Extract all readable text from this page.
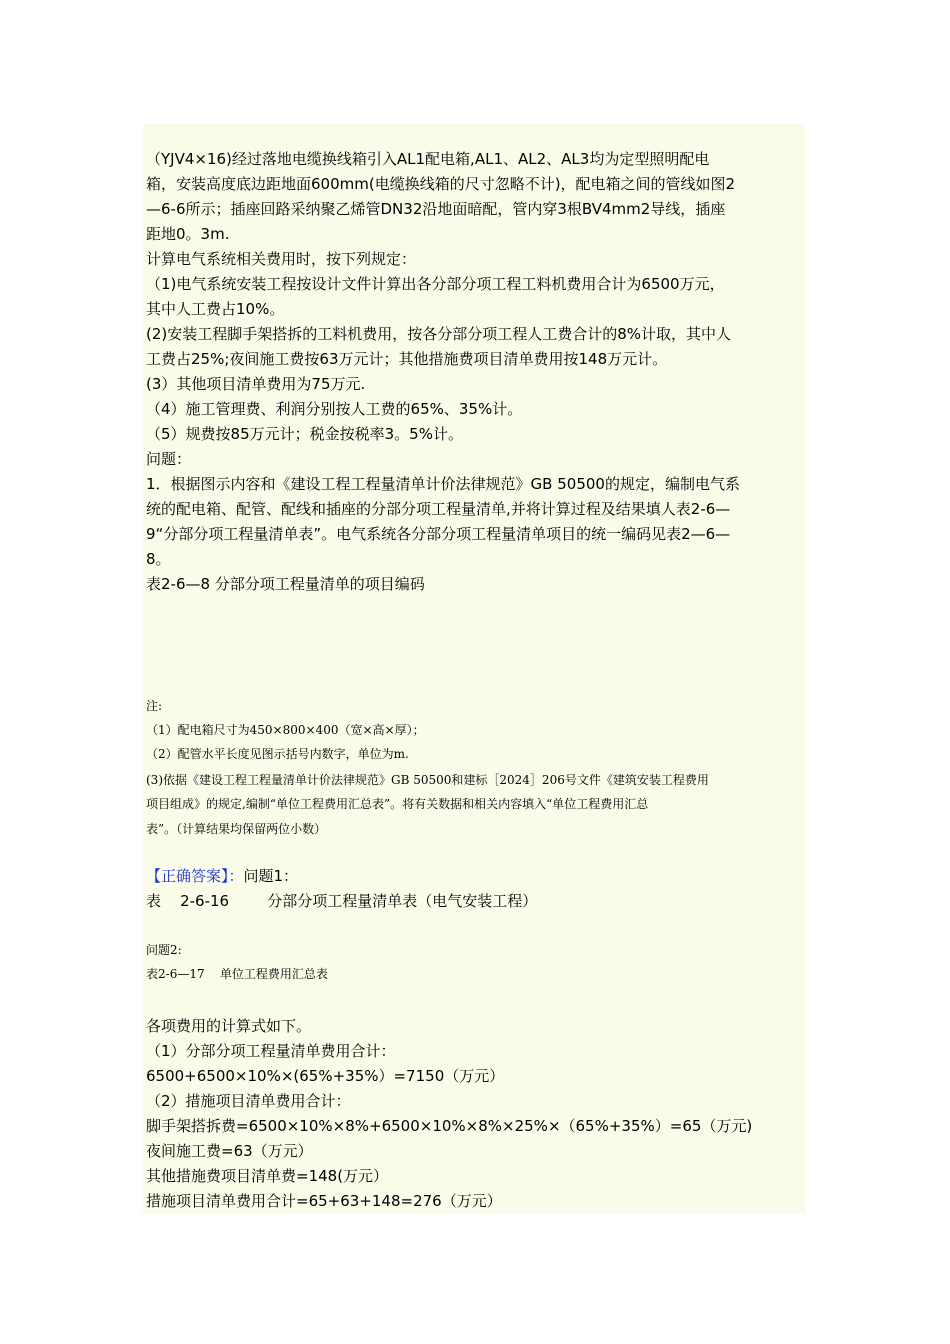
（YJV4×16)经过落地电缆换线箱引入AL1配电箱,AL1、AL2、AL3均为定型照明配电
箱，安装高度底边距地面600mm(电缆换线箱的尺寸忽略不计)，配电箱之间的管线如图2
—6-6所示；插座回路采纳聚乙烯管DN32沿地面暗配，管内穿3根BV4mm2导线，插座
距地0。3m.
计算电气系统相关费用时，按下列规定：
（1)电气系统安装工程按设计文件计算出各分部分项工程工料机费用合计为6500万元，
其中人工费占10%。
(2)安装工程脚手架搭拆的工料机费用，按各分部分项工程人工费合计的8%计取，其中人
工费占25%;夜间施工费按63万元计；其他措施费项目清单费用按148万元计。
(3）其他项目清单费用为75万元.
（4）施工管理费、利润分别按人工费的65%、35%计。
（5）规费按85万元计；税金按税率3。5%计。
问题：
1．根据图示内容和《建设工程工程量清单计价法律规范》GB 50500的规定，编制电气系
统的配电箱、配管、配线和插座的分部分项工程量清单,并将计算过程及结果填人表2-6—
9“分部分项工程量清单表”。电气系统各分部分项工程量清单项目的统一编码见表2—6—
8。
表2-6—8 分部分项工程量清单的项目编码
注:
（1）配电箱尺寸为450×800×400（宽×高×厚）；
（2）配管水平长度见图示括号内数字，单位为m.
(3)依据《建设工程工程量清单计价法律规范》GB 50500和建标［2024］206号文件《建筑安装工程费用
项目组成》的规定,编制“单位工程费用汇总表”。将有关数据和相关内容填入“单位工程费用汇总
表”。（计算结果均保留两位小数）
【正确答案】：问题1：
表    2-6-16        分部分项工程量清单表（电气安装工程）
问题2:
表2-6—17    单位工程费用汇总表
各项费用的计算式如下。
（1）分部分项工程量清单费用合计：
6500+6500×10%×(65%+35%）=7150（万元）
（2）措施项目清单费用合计：
脚手架搭拆费=6500×10%×8%+6500×10%×8%×25%×（65%+35%）=65（万元)
夜间施工费=63（万元）
其他措施费项目清单费=148(万元）
措施项目清单费用合计=65+63+148=276（万元）
